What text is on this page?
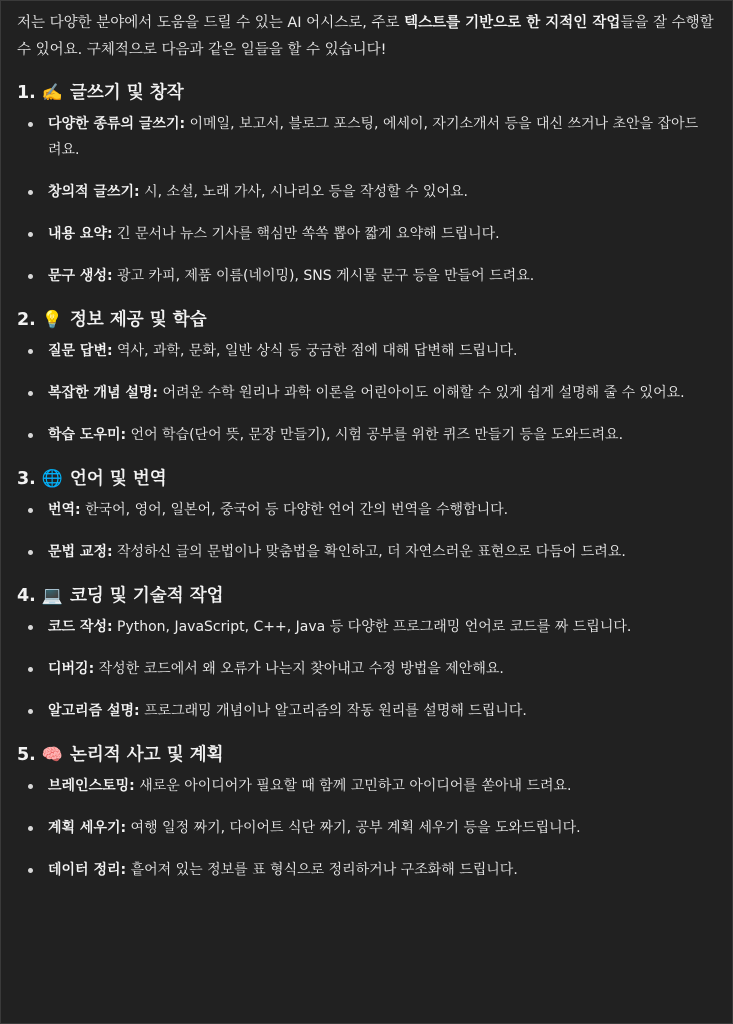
저는 다양한 분야에서 도움을 드릴 수 있는 AI 어시스로, 주로 텍스트를 기반으로 한 지적인 작업들을 잘 수행할 수 있어요. 구체적으로 다음과 같은 일들을 할 수 있습니다!

1. ✍️ 글쓰기 및 창작
다양한 종류의 글쓰기: 이메일, 보고서, 블로그 포스팅, 에세이, 자기소개서 등을 대신 쓰거나 초안을 잡아드려요.
창의적 글쓰기: 시, 소설, 노래 가사, 시나리오 등을 작성할 수 있어요.
내용 요약: 긴 문서나 뉴스 기사를 핵심만 쏙쏙 뽑아 짧게 요약해 드립니다.
문구 생성: 광고 카피, 제품 이름(네이밍), SNS 게시물 문구 등을 만들어 드려요.
2. 💡 정보 제공 및 학습
질문 답변: 역사, 과학, 문화, 일반 상식 등 궁금한 점에 대해 답변해 드립니다.
복잡한 개념 설명: 어려운 수학 원리나 과학 이론을 어린아이도 이해할 수 있게 쉽게 설명해 줄 수 있어요.
학습 도우미: 언어 학습(단어 뜻, 문장 만들기), 시험 공부를 위한 퀴즈 만들기 등을 도와드려요.
3. 🌐 언어 및 번역
번역: 한국어, 영어, 일본어, 중국어 등 다양한 언어 간의 번역을 수행합니다.
문법 교정: 작성하신 글의 문법이나 맞춤법을 확인하고, 더 자연스러운 표현으로 다듬어 드려요.
4. 💻 코딩 및 기술적 작업
코드 작성: Python, JavaScript, C++, Java 등 다양한 프로그래밍 언어로 코드를 짜 드립니다.
디버깅: 작성한 코드에서 왜 오류가 나는지 찾아내고 수정 방법을 제안해요.
알고리즘 설명: 프로그래밍 개념이나 알고리즘의 작동 원리를 설명해 드립니다.
5. 🧠 논리적 사고 및 계획
브레인스토밍: 새로운 아이디어가 필요할 때 함께 고민하고 아이디어를 쏟아내 드려요.
계획 세우기: 여행 일정 짜기, 다이어트 식단 짜기, 공부 계획 세우기 등을 도와드립니다.
데이터 정리: 흩어져 있는 정보를 표 형식으로 정리하거나 구조화해 드립니다.
